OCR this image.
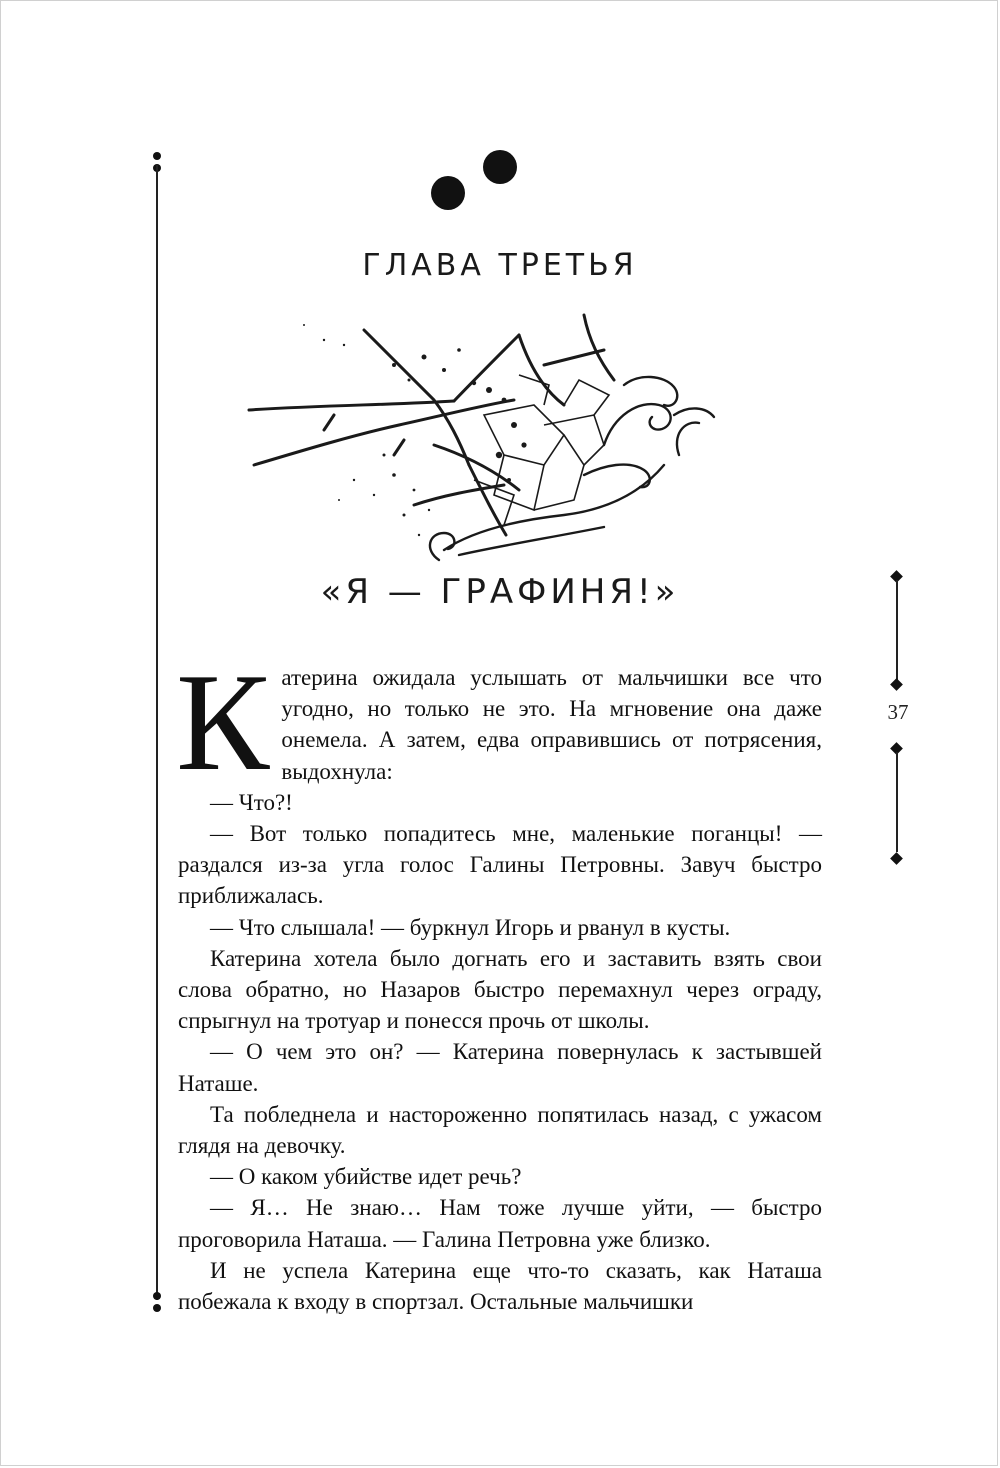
37
ГЛАВА ТРЕТЬЯ
«Я — ГРАФИНЯ!»
К атерина ожидала услышать от мальчишки все что угодно, но только не это. На мгновение она даже онемела. А затем, едва оправившись от потрясения, выдохнула:

— Что?!

— Вот только попадитесь мне, маленькие поганцы! — раздался из-за угла голос Галины Петровны. Завуч быстро приближалась.

— Что слышала! — буркнул Игорь и рванул в кусты.

Катерина хотела было догнать его и заставить взять свои слова обратно, но Назаров быстро перемахнул через ограду, спрыгнул на тротуар и понесся прочь от школы.

— О чем это он? — Катерина повернулась к застывшей Наташе.

Та побледнела и настороженно попятилась назад, с ужасом глядя на девочку.

— О каком убийстве идет речь?

— Я… Не знаю… Нам тоже лучше уйти, — быстро проговорила Наташа. — Галина Петровна уже близко.

И не успела Катерина еще что-то сказать, как Наташа побежала к входу в спортзал. Остальные мальчишки
